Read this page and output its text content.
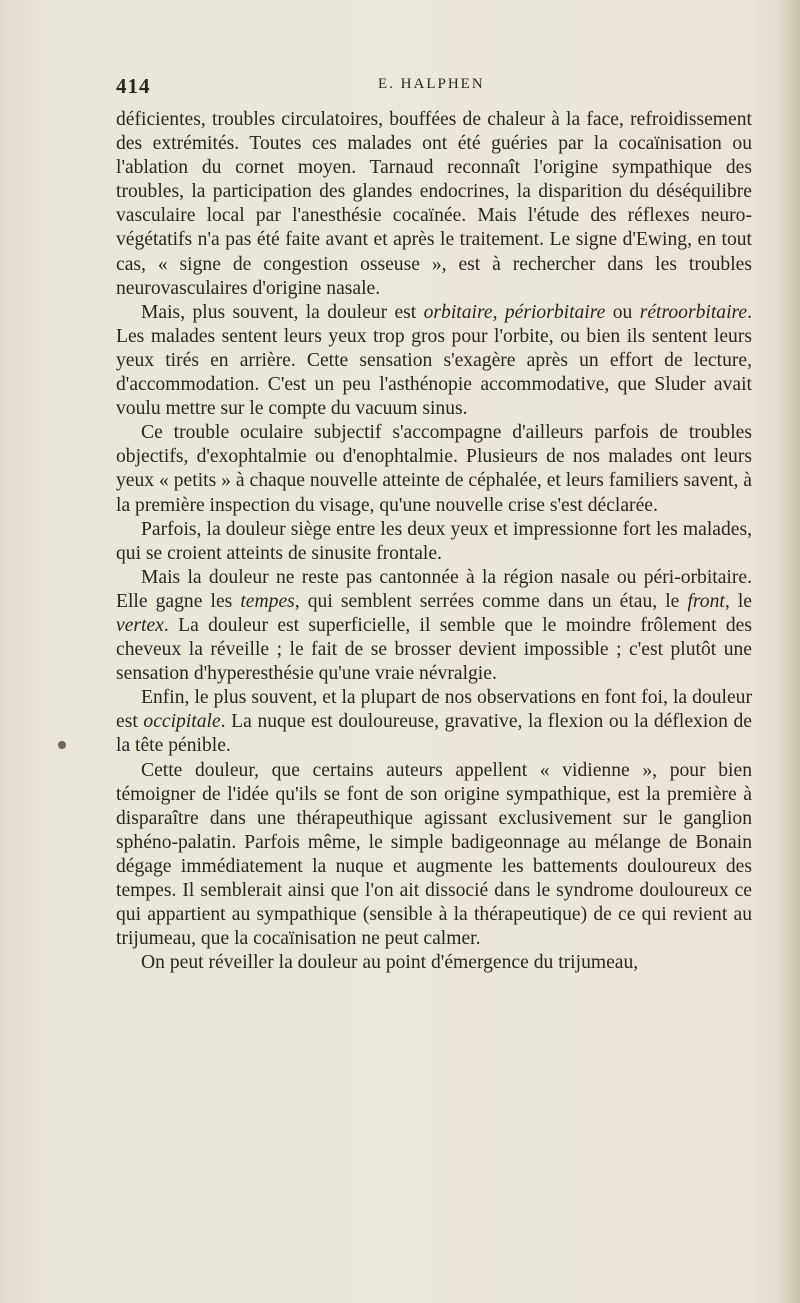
414	E. HALPHEN

déficientes, troubles circulatoires, bouffées de chaleur à la face, refroidissement des extrémités. Toutes ces malades ont été guéries par la cocaïnisation ou l'ablation du cornet moyen. Tarnaud reconnaît l'origine sympathique des troubles, la participation des glandes endocrines, la disparition du déséquilibre vasculaire local par l'anesthésie cocaïnée. Mais l'étude des réflexes neuro-végétatifs n'a pas été faite avant et après le traitement. Le signe d'Ewing, en tout cas, « signe de congestion osseuse », est à rechercher dans les troubles neurovasculaires d'origine nasale.

Mais, plus souvent, la douleur est orbitaire, périorbitaire ou rétroorbitaire. Les malades sentent leurs yeux trop gros pour l'orbite, ou bien ils sentent leurs yeux tirés en arrière. Cette sensation s'exagère après un effort de lecture, d'accommodation. C'est un peu l'asthénopie accommodative, que Sluder avait voulu mettre sur le compte du vacuum sinus.

Ce trouble oculaire subjectif s'accompagne d'ailleurs parfois de troubles objectifs, d'exophtalmie ou d'enophtalmie. Plusieurs de nos malades ont leurs yeux « petits » à chaque nouvelle atteinte de céphalée, et leurs familiers savent, à la première inspection du visage, qu'une nouvelle crise s'est déclarée.

Parfois, la douleur siège entre les deux yeux et impressionne fort les malades, qui se croient atteints de sinusite frontale.

Mais la douleur ne reste pas cantonnée à la région nasale ou péri-orbitaire. Elle gagne les tempes, qui semblent serrées comme dans un étau, le front, le vertex. La douleur est superficielle, il semble que le moindre frôlement des cheveux la réveille ; le fait de se brosser devient impossible ; c'est plutôt une sensation d'hyperesthésie qu'une vraie névralgie.

Enfin, le plus souvent, et la plupart de nos observations en font foi, la douleur est occipitale. La nuque est douloureuse, gravative, la flexion ou la déflexion de la tête pénible.

Cette douleur, que certains auteurs appellent « vidienne », pour bien témoigner de l'idée qu'ils se font de son origine sympathique, est la première à disparaître dans une thérapeuthique agissant exclusivement sur le ganglion sphéno-palatin. Parfois même, le simple badigeonnage au mélange de Bonain dégage immédiatement la nuque et augmente les battements douloureux des tempes. Il semblerait ainsi que l'on ait dissocié dans le syndrome douloureux ce qui appartient au sympathique (sensible à la thérapeutique) de ce qui revient au trijumeau, que la cocaïnisation ne peut calmer.

On peut réveiller la douleur au point d'émergence du trijumeau,
